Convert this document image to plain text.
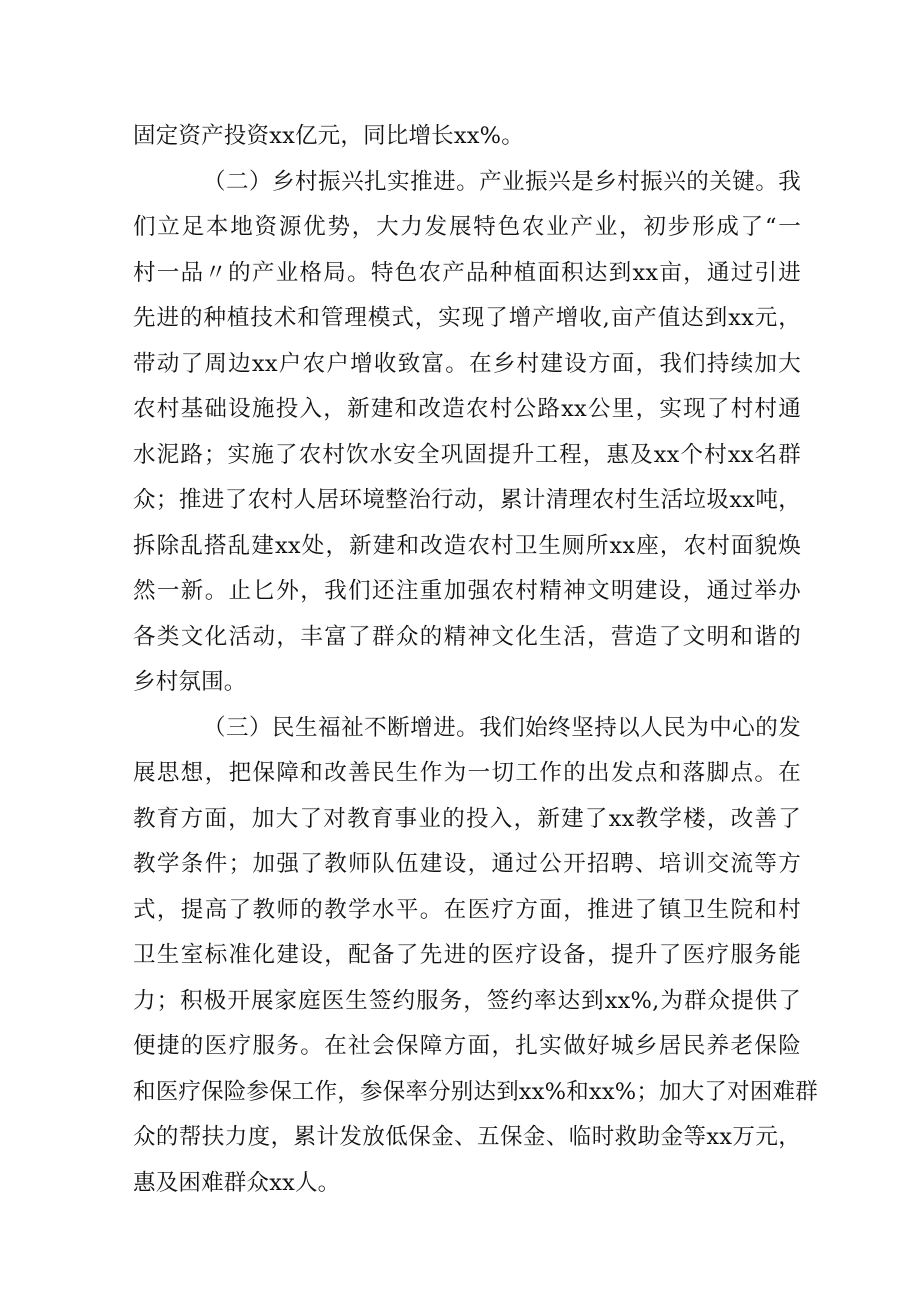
固定资产投资xx亿元，同比增长xx%。
（二）乡村振兴扎实推进。产业振兴是乡村振兴的关键。我
们立足本地资源优势，大力发展特色农业产业，初步形成了“一
村一品〃的产业格局。特色农产品种植面积达到xx亩，通过引进
先进的种植技术和管理模式，实现了增产增收,亩产值达到xx元，
带动了周边xx户农户增收致富。在乡村建设方面，我们持续加大
农村基础设施投入，新建和改造农村公路xx公里，实现了村村通
水泥路；实施了农村饮水安全巩固提升工程，惠及xx个村xx名群
众；推进了农村人居环境整治行动，累计清理农村生活垃圾xx吨，
拆除乱搭乱建xx处，新建和改造农村卫生厕所xx座，农村面貌焕
然一新。止匕外，我们还注重加强农村精神文明建设，通过举办
各类文化活动，丰富了群众的精神文化生活，营造了文明和谐的
乡村氛围。
（三）民生福祉不断增进。我们始终坚持以人民为中心的发
展思想，把保障和改善民生作为一切工作的出发点和落脚点。在
教育方面，加大了对教育事业的投入，新建了xx教学楼，改善了
教学条件；加强了教师队伍建设，通过公开招聘、培训交流等方
式，提高了教师的教学水平。在医疗方面，推进了镇卫生院和村
卫生室标准化建设，配备了先进的医疗设备，提升了医疗服务能
力；积极开展家庭医生签约服务，签约率达到xx%,为群众提供了
便捷的医疗服务。在社会保障方面，扎实做好城乡居民养老保险
和医疗保险参保工作，参保率分别达到xx%和xx%；加大了对困难群
众的帮扶力度，累计发放低保金、五保金、临时救助金等xx万元，
惠及困难群众xx人。
